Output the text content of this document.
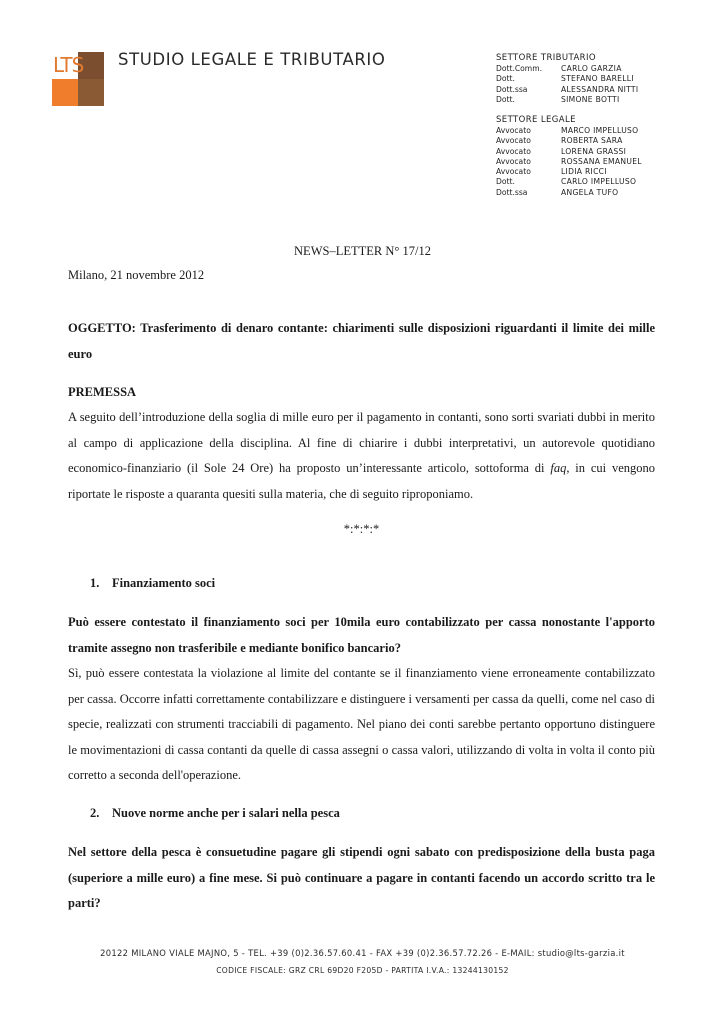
LTS STUDIO LEGALE E TRIBUTARIO	SETTORE TRIBUTARIO
Dott.Comm.	CARLO GARZIA
Dott.	STEFANO BARELLI
Dott.ssa	ALESSANDRA NITTI
Dott.	SIMONE BOTTI
SETTORE LEGALE
Avvocato	MARCO IMPELLUSO
Avvocato	ROBERTA SARA
Avvocato	LORENA GRASSI
Avvocato	ROSSANA EMANUEL
Avvocato	LIDIA RICCI
Dott.	CARLO IMPELLUSO
Dott.ssa	ANGELA TUFO
NEWS–LETTER N° 17/12
Milano, 21 novembre 2012

OGGETTO: Trasferimento di denaro contante: chiarimenti sulle disposizioni riguardanti il limite dei mille euro

PREMESSA

A seguito dell’introduzione della soglia di mille euro per il pagamento in contanti, sono sorti svariati dubbi in merito al campo di applicazione della disciplina. Al fine di chiarire i dubbi interpretativi, un autorevole quotidiano economico-finanziario (il Sole 24 Ore) ha proposto un’interessante articolo, sottoforma di faq, in cui vengono riportate le risposte a quaranta quesiti sulla materia, che di seguito riproponiamo.

*:*:*:*

1. Finanziamento soci

Può essere contestato il finanziamento soci per 10mila euro contabilizzato per cassa nonostante l'apporto tramite assegno non trasferibile e mediante bonifico bancario?

Sì, può essere contestata la violazione al limite del contante se il finanziamento viene erroneamente contabilizzato per cassa. Occorre infatti correttamente contabilizzare e distinguere i versamenti per cassa da quelli, come nel caso di specie, realizzati con strumenti tracciabili di pagamento. Nel piano dei conti sarebbe pertanto opportuno distinguere le movimentazioni di cassa contanti da quelle di cassa assegni o cassa valori, utilizzando di volta in volta il conto più corretto a seconda dell'operazione.

2. Nuove norme anche per i salari nella pesca

Nel settore della pesca è consuetudine pagare gli stipendi ogni sabato con predisposizione della busta paga (superiore a mille euro) a fine mese. Si può continuare a pagare in contanti facendo un accordo scritto tra le parti?

20122 MILANO VIALE MAJNO, 5 - TEL. +39 (0)2.36.57.60.41 - FAX +39 (0)2.36.57.72.26 - E-MAIL: studio@lts-garzia.it
CODICE FISCALE: GRZ CRL 69D20 F205D - PARTITA I.V.A.: 13244130152
